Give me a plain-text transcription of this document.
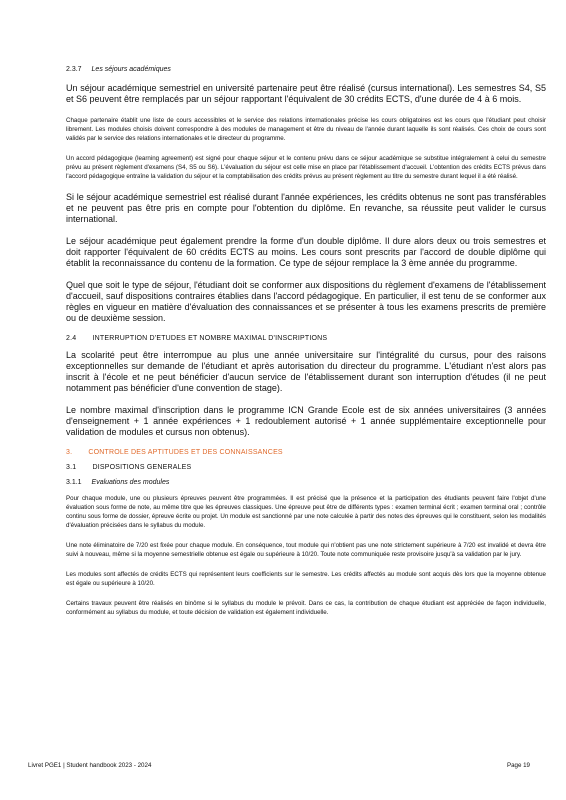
2.3.7 Les séjours académiques

Un séjour académique semestriel en université partenaire peut être réalisé (cursus international). Les semestres S4, S5 et S6 peuvent être remplacés par un séjour rapportant l'équivalent de 30 crédits ECTS, d'une durée de 4 à 6 mois.

Chaque partenaire établit une liste de cours accessibles et le service des relations internationales précise les cours obligatoires est les cours que l'étudiant peut choisir librement. Les modules choisis doivent correspondre à des modules de management et être du niveau de l'année durant laquelle ils sont réalisés. Ces choix de cours sont validés par le service des relations internationales et le directeur du programme.

Un accord pédagogique (learning agreement) est signé pour chaque séjour et le contenu prévu dans ce séjour académique se substitue intégralement à celui du semestre prévu au présent règlement d'examens (S4, S5 ou S6). L'évaluation du séjour est celle mise en place par l'établissement d'accueil. L'obtention des crédits ECTS prévus dans l'accord pédagogique entraîne la validation du séjour et la comptabilisation des crédits prévus au présent règlement au titre du semestre durant lequel il a été réalisé.

Si le séjour académique semestriel est réalisé durant l'année expériences, les crédits obtenus ne sont pas transférables et ne peuvent pas être pris en compte pour l'obtention du diplôme. En revanche, sa réussite peut valider le cursus international.

Le séjour académique peut également prendre la forme d'un double diplôme. Il dure alors deux ou trois semestres et doit rapporter l'équivalent de 60 crédits ECTS au moins. Les cours sont prescrits par l'accord de double diplôme qui établit la reconnaissance du contenu de la formation. Ce type de séjour remplace la 3 ème année du programme.

Quel que soit le type de séjour, l'étudiant doit se conformer aux dispositions du règlement d'examens de l'établissement d'accueil, sauf dispositions contraires établies dans l'accord pédagogique. En particulier, il est tenu de se conformer aux règles en vigueur en matière d'évaluation des connaissances et se présenter à tous les examens prescrits de première ou de deuxième session.

2.4 INTERRUPTION D'ETUDES ET NOMBRE MAXIMAL D'INSCRIPTIONS

La scolarité peut être interrompue au plus une année universitaire sur l'intégralité du cursus, pour des raisons exceptionnelles sur demande de l'étudiant et après autorisation du directeur du programme. L'étudiant n'est alors pas inscrit à l'école et ne peut bénéficier d'aucun service de l'établissement durant son interruption d'études (il ne peut notamment pas bénéficier d'une convention de stage).

Le nombre maximal d'inscription dans le programme ICN Grande Ecole est de six années universitaires (3 années d'enseignement + 1 année expériences + 1 redoublement autorisé + 1 année supplémentaire exceptionnelle pour validation de modules et cursus non obtenus).

3. CONTROLE DES APTITUDES ET DES CONNAISSANCES
3.1 DISPOSITIONS GENERALES
3.1.1 Evaluations des modules

Pour chaque module, une ou plusieurs épreuves peuvent être programmées. Il est précisé que la présence et la participation des étudiants peuvent faire l'objet d'une évaluation sous forme de note, au même titre que les épreuves classiques. Une épreuve peut être de différents types : examen terminal écrit ; examen terminal oral ; contrôle continu sous forme de dossier, épreuve écrite ou projet. Un module est sanctionné par une note calculée à partir des notes des épreuves qui le constituent, selon les modalités d'évaluation précisées dans le syllabus du module.

Une note éliminatoire de 7/20 est fixée pour chaque module. En conséquence, tout module qui n'obtient pas une note strictement supérieure à 7/20 est invalidé et devra être suivi à nouveau, même si la moyenne semestrielle obtenue est égale ou supérieure à 10/20. Toute note communiquée reste provisoire jusqu'à sa validation par le jury.

Les modules sont affectés de crédits ECTS qui représentent leurs coefficients sur le semestre. Les crédits affectés au module sont acquis dès lors que la moyenne obtenue est égale ou supérieure à 10/20.

Certains travaux peuvent être réalisés en binôme si le syllabus du module le prévoit. Dans ce cas, la contribution de chaque étudiant est appréciée de façon individuelle, conformément au syllabus du module, et toute décision de validation est également individuelle.

Livret PGE1 | Student handbook 2023 - 2024	Page 19
